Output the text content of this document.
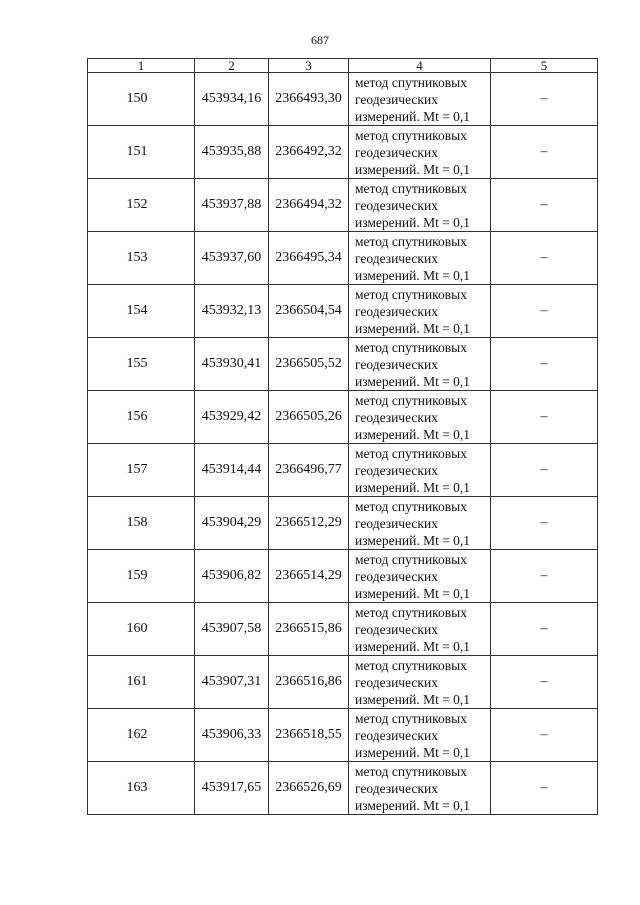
687
1	2	3	4	5
150	453934,16	2366493,30	метод спутниковых
геодезических
измерений. Mt = 0,1	–
151	453935,88	2366492,32	метод спутниковых
геодезических
измерений. Mt = 0,1	–
152	453937,88	2366494,32	метод спутниковых
геодезических
измерений. Mt = 0,1	–
153	453937,60	2366495,34	метод спутниковых
геодезических
измерений. Mt = 0,1	–
154	453932,13	2366504,54	метод спутниковых
геодезических
измерений. Mt = 0,1	–
155	453930,41	2366505,52	метод спутниковых
геодезических
измерений. Mt = 0,1	–
156	453929,42	2366505,26	метод спутниковых
геодезических
измерений. Mt = 0,1	–
157	453914,44	2366496,77	метод спутниковых
геодезических
измерений. Mt = 0,1	–
158	453904,29	2366512,29	метод спутниковых
геодезических
измерений. Mt = 0,1	–
159	453906,82	2366514,29	метод спутниковых
геодезических
измерений. Mt = 0,1	–
160	453907,58	2366515,86	метод спутниковых
геодезических
измерений. Mt = 0,1	–
161	453907,31	2366516,86	метод спутниковых
геодезических
измерений. Mt = 0,1	–
162	453906,33	2366518,55	метод спутниковых
геодезических
измерений. Mt = 0,1	–
163	453917,65	2366526,69	метод спутниковых
геодезических
измерений. Mt = 0,1	–
